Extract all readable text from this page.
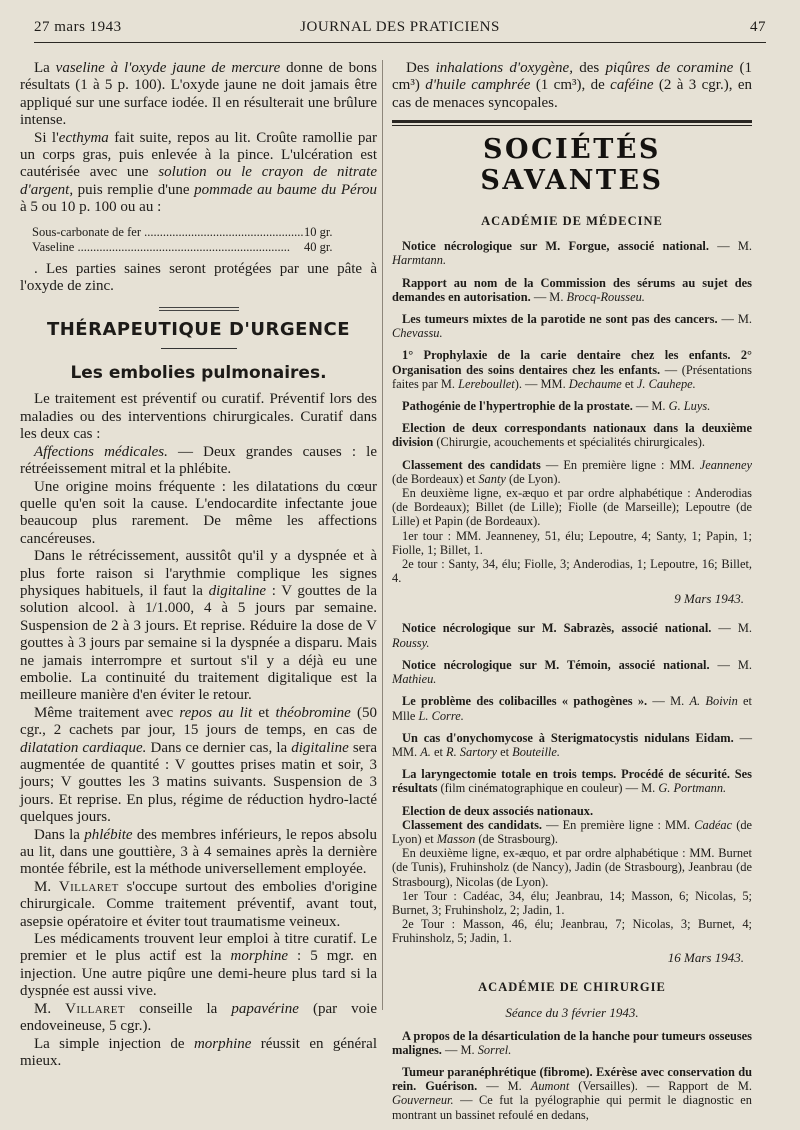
27 mars 1943	JOURNAL DES PRATICIENS	47

La vaseline à l'oxyde jaune de mercure donne de bons résultats (1 à 5 p. 100). L'oxyde jaune ne doit jamais être appliqué sur une surface iodée. Il en résulterait une brûlure intense.

Si l'ecthyma fait suite, repos au lit. Croûte ramollie par un corps gras, puis enlevée à la pince. L'ulcération est cautérisée avec une solution ou le crayon de nitrate d'argent, puis remplie d'une pommade au baume du Pérou à 5 ou 10 p. 100 ou au :

Sous-carbonate de fer .....	10 gr.
Vaseline .....	40 gr.

. Les parties saines seront protégées par une pâte à l'oxyde de zinc.

THÉRAPEUTIQUE D'URGENCE
Les embolies pulmonaires.

Le traitement est préventif ou curatif. Préventif lors des maladies ou des interventions chirurgicales. Curatif dans les deux cas :

Affections médicales. — Deux grandes causes : le rétréeissement mitral et la phlébite.

Une origine moins fréquente : les dilatations du cœur quelle qu'en soit la cause. L'endocardite infectante joue beaucoup plus rarement. De même les affections cancéreuses.

Dans le rétrécissement, aussitôt qu'il y a dyspnée et à plus forte raison si l'arythmie complique les signes physiques habituels, il faut la digitaline : V gouttes de la solution alcool. à 1/1.000, 4 à 5 jours par semaine. Suspension de 2 à 3 jours. Et reprise. Réduire la dose de V gouttes à 3 jours par semaine si la dyspnée a disparu. Mais ne jamais interrompre et surtout s'il y a déjà eu une embolie. La continuité du traitement digitalique est la meilleure manière d'en éviter le retour.

Même traitement avec repos au lit et théobromine (50 cgr., 2 cachets par jour, 15 jours de temps, en cas de dilatation cardiaque. Dans ce dernier cas, la digitaline sera augmentée de quantité : V gouttes prises matin et soir, 3 jours; V gouttes les 3 matins suivants. Suspension de 3 jours. Et reprise. En plus, régime de réduction hydro-lacté quelques jours.

Dans la phlébite des membres inférieurs, le repos absolu au lit, dans une gouttière, 3 à 4 semaines après la dernière montée fébrile, est la méthode universellement employée.

M. Villaret s'occupe surtout des embolies d'origine chirurgicale. Comme traitement préventif, avant tout, asepsie opératoire et éviter tout traumatisme veineux.

Les médicaments trouvent leur emploi à titre curatif. Le premier et le plus actif est la morphine : 5 mgr. en injection. Une autre piqûre une demi-heure plus tard si la dyspnée est aussi vive.

M. Villaret conseille la papavérine (par voie endoveineuse, 5 cgr.).

La simple injection de morphine réussit en général mieux.

Des inhalations d'oxygène, des piqûres de coramine (1 cm³) d'huile camphrée (1 cm³), de caféine (2 à 3 cgr.), en cas de menaces syncopales.

SOCIÉTÉS SAVANTES
ACADÉMIE DE MÉDECINE

Notice nécrologique sur M. Forgue, associé national. — M. Harmtann.

Rapport au nom de la Commission des sérums au sujet des demandes en autorisation. — M. Brocq-Rousseu.

Les tumeurs mixtes de la parotide ne sont pas des cancers. — M. Chevassu.

1° Prophylaxie de la carie dentaire chez les enfants. 2° Organisation des soins dentaires chez les enfants. — (Présentations faites par M. Lereboullet). — MM. Dechaume et J. Cauhepe.

Pathogénie de l'hypertrophie de la prostate. — M. G. Luys.

Election de deux correspondants nationaux dans la deuxième division (Chirurgie, acouchements et spécialités chirurgicales).

Classement des candidats — En première ligne : MM. Jeanneney (de Bordeaux) et Santy (de Lyon).

En deuxième ligne, ex-æquo et par ordre alphabétique : Anderodias (de Bordeaux); Billet (de Lille); Fiolle (de Marseille); Lepoutre (de Lille) et Papin (de Bordeaux).

1er tour : MM. Jeanneney, 51, élu; Lepoutre, 4; Santy, 1; Papin, 1; Fiolle, 1; Billet, 1.

2e tour : Santy, 34, élu; Fiolle, 3; Anderodias, 1; Lepoutre, 16; Billet, 4.

9 Mars 1943.

Notice nécrologique sur M. Sabrazès, associé national. — M. Roussy.

Notice nécrologique sur M. Témoin, associé national. — M. Mathieu.

Le problème des colibacilles « pathogènes ». — M. A. Boivin et Mlle L. Corre.

Un cas d'onychomycose à Sterigmatocystis nidulans Eidam. — MM. A. et R. Sartory et Bouteille.

La laryngectomie totale en trois temps. Procédé de sécurité. Ses résultats (film cinématographique en couleur) — M. G. Portmann.

Election de deux associés nationaux.

Classement des candidats. — En première ligne : MM. Cadéac (de Lyon) et Masson (de Strasbourg).

En deuxième ligne, ex-æquo, et par ordre alphabétique : MM. Burnet (de Tunis), Fruhinsholz (de Nancy), Jadin (de Strasbourg), Jeanbrau (de Strasbourg), Nicolas (de Lyon).

1er Tour : Cadéac, 34, élu; Jeanbrau, 14; Masson, 6; Nicolas, 5; Burnet, 3; Fruhinsholz, 2; Jadin, 1.

2e Tour : Masson, 46, élu; Jeanbrau, 7; Nicolas, 3; Burnet, 4; Fruhinsholz, 5; Jadin, 1.

16 Mars 1943.

ACADÉMIE DE CHIRURGIE
Séance du 3 février 1943.

A propos de la désarticulation de la hanche pour tumeurs osseuses malignes. — M. Sorrel.

Tumeur paranéphrétique (fibrome). Exérèse avec conservation du rein. Guérison. — M. Aumont (Versailles). — Rapport de M. Gouverneur. — Ce fut la pyélographie qui permit le diagnostic en montrant un bassinet refoulé en dedans,
